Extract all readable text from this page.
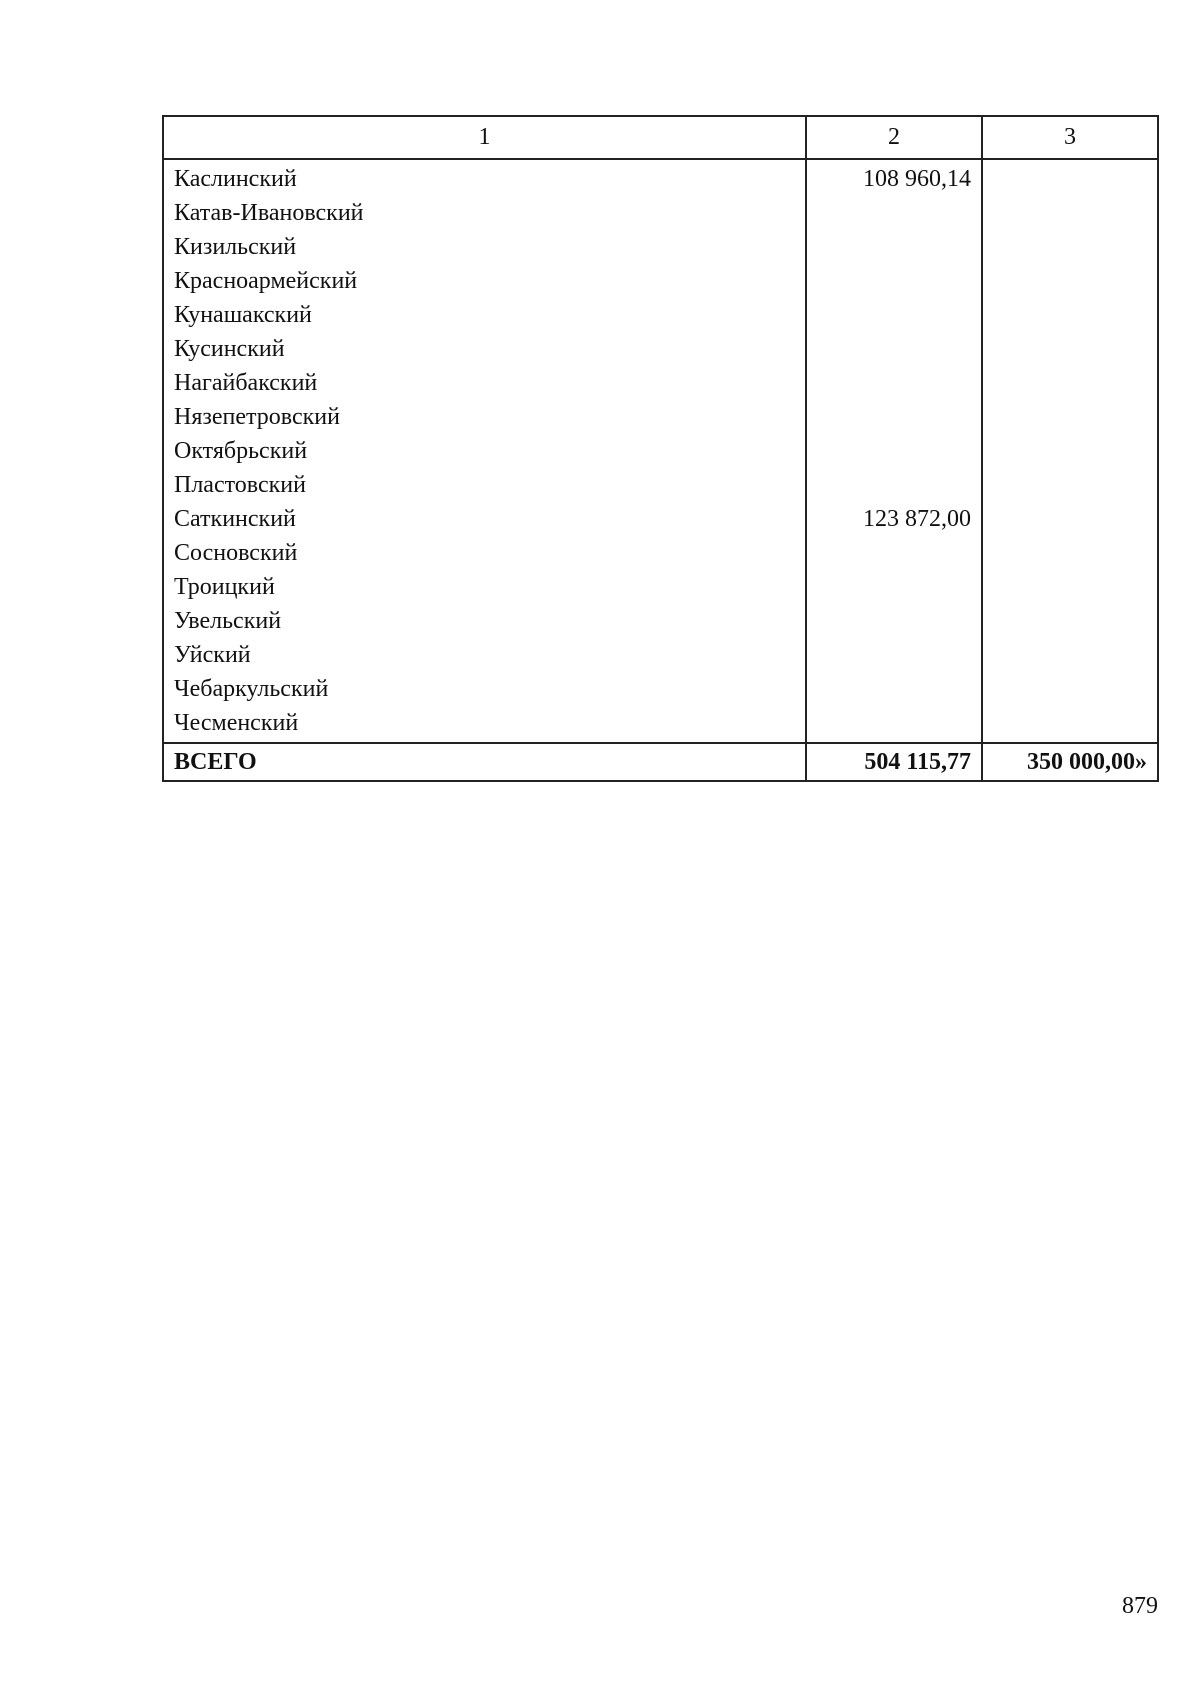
1	2	3
Каслинский	108 960,14	
Катав-Ивановский		
Кизильский		
Красноармейский		
Кунашакский		
Кусинский		
Нагайбакский		
Нязепетровский		
Октябрьский		
Пластовский		
Саткинский	123 872,00	
Сосновский		
Троицкий		
Увельский		
Уйский		
Чебаркульский		
Чесменский		
ВСЕГО	504 115,77	350 000,00»
879
